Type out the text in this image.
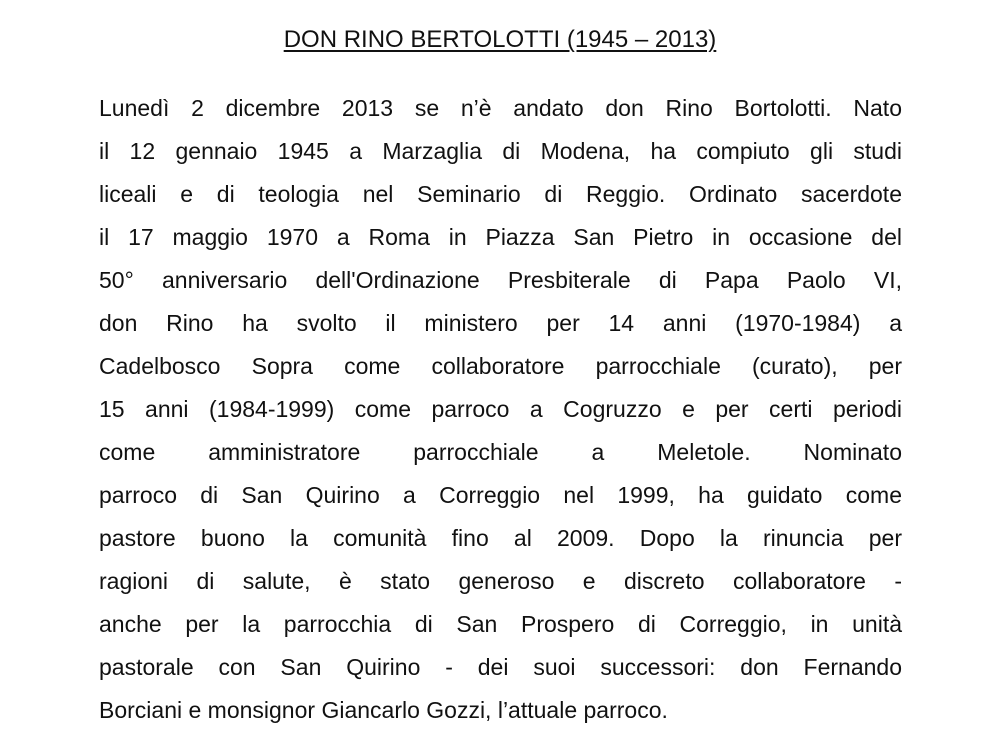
DON RINO BERTOLOTTI (1945 – 2013)
Lunedì 2 dicembre 2013 se n’è andato don Rino Bortolotti. Nato
il 12 gennaio 1945 a Marzaglia di Modena, ha compiuto gli studi
liceali e di teologia nel Seminario di Reggio. Ordinato sacerdote
il 17 maggio 1970 a Roma in Piazza San Pietro in occasione del
50° anniversario dell'Ordinazione Presbiterale di Papa Paolo VI,
don Rino ha svolto il ministero per 14 anni (1970-1984) a
Cadelbosco Sopra come collaboratore parrocchiale (curato), per
15 anni (1984-1999) come parroco a Cogruzzo e per certi periodi
come amministratore parrocchiale a Meletole. Nominato
parroco di San Quirino a Correggio nel 1999, ha guidato come
pastore buono la comunità fino al 2009. Dopo la rinuncia per
ragioni di salute, è stato generoso e discreto collaboratore -
anche per la parrocchia di San Prospero di Correggio, in unità
pastorale con San Quirino - dei suoi successori: don Fernando
Borciani e monsignor Giancarlo Gozzi, l’attuale parroco.
